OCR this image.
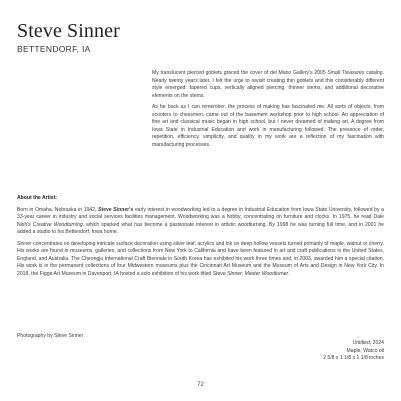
Steve Sinner

BETTENDORF, IA

My translucent pierced goblets graced the cover of del Mano Gallery's 2005 Small Treasures catalog. Nearly twenty years later, I felt the urge to revisit creating thin goblets and this considerably different style emerged: tapered cups, vertically aligned piercing, thinner stems, and additional decorative elements on the stems.

As far back as I can remember, the process of making has fascinated me. All sorts of objects, from scooters to chessmen, came out of the basement workshop prior to high school. An appreciation of fine art and classical music began in high school, but I never dreamed of making art. A degree from Iowa State in Industrial Education and work in manufacturing followed. The presence of order, repetition, efficiency, simplicity, and quality in my work are a reflection of my fascination with manufacturing processes.

About the Artist:

Born in Omaha, Nebraska in 1942, Steve Sinner's early interest in woodworking led to a degree in Industrial Education from Iowa State University, followed by a 33-year career in industry and social services facilities management. Woodworking was a hobby, concentrating on furniture and clocks. In 1975, he read Dale Nish's Creative Woodturning, which sparked what has become a passionate interest in artistic woodturning. By 1998 he was turning full time, and in 2001 he added a studio to his Bettendorf, Iowa home.

Sinner concentrates on developing intricate surface decoration using silver leaf, acrylics and ink on deep hollow vessels turned primarily of maple, walnut or cherry. His works are found in museums, galleries, and collections from New York to California and have been featured in art and craft publications in the United States, England, and Australia. The Cheongju International Craft Biennale in South Korea has exhibited his work three times and, in 2003, awarded him a special citation. His work is in the permanent collections of four Midwestern museums plus the Cincinnati Art Museum and the Museum of Arts and Design in New York City. In 2018, the Figge Art Museum in Davenport, IA hosted a solo exhibition of his work titled Steve Sinner: Master Woodturner.

Photography by Steve Sinner

Untitled, 2024
Maple, Watco oil
2 5/8 x 1 1/8 x 1 1/8 inches

72
